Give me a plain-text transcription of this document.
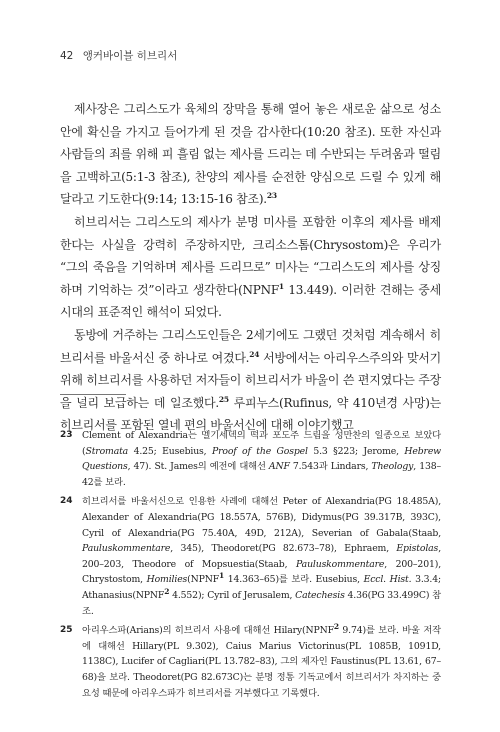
42 앵커바이블 히브리서

제사장은 그리스도가 육체의 장막을 통해 열어 놓은 새로운 삶으로 성소 안에 확신을 가지고 들어가게 된 것을 감사한다(10:20 참조). 또한 자신과 사람들의 죄를 위해 피 흘림 없는 제사를 드리는 데 수반되는 두려움과 떨림을 고백하고(5:1-3 참조), 찬양의 제사를 순전한 양심으로 드릴 수 있게 해달라고 기도한다(9:14; 13:15-16 참조).$^{23}$

히브리서는 그리스도의 제사가 분명 미사를 포함한 이후의 제사를 배제한다는 사실을 강력히 주장하지만, 크리소스톰(Chrysostom)은 우리가 “그의 죽음을 기억하며 제사를 드리므로” 미사는 “그리스도의 제사를 상징하며 기억하는 것”이라고 생각한다(NPNF$^1$ 13.449). 이러한 견해는 중세 시대의 표준적인 해석이 되었다.

동방에 거주하는 그리스도인들은 2세기에도 그랬던 것처럼 계속해서 히브리서를 바울서신 중 하나로 여겼다.$^{24}$ 서방에서는 아리우스주의와 맞서기 위해 히브리서를 사용하던 저자들이 히브리서가 바울이 쓴 편지였다는 주장을 널리 보급하는 데 일조했다.$^{25}$ 루피누스(Rufinus, 약 410년경 사망)는 히브리서를 포함된 열네 편의 바울서신에 대해 이야기했고

23	Clement of Alexandria는 멜기세덱의 떡과 포도주 드림을 성만찬의 일종으로 보았다(Stromata 4.25; Eusebius, Proof of the Gospel 5.3 §223; Jerome, Hebrew Questions, 47). St. James의 예전에 대해선 ANF 7.543과 Lindars, Theology, 138–42를 보라.
24	히브리서를 바울서신으로 인용한 사례에 대해선 Peter of Alexandria(PG 18.485A), Alexander of Alexandria(PG 18.557A, 576B), Didymus(PG 39.317B, 393C), Cyril of Alexandria(PG 75.40A, 49D, 212A), Severian of Gabala(Staab, Pauluskommentare, 345), Theodoret(PG 82.673–78), Ephraem, Epistolas, 200–203, Theodore of Mopsuestia(Staab, Pauluskommentare, 200–201), Chrystostom, Homilies(NPNF$^1$ 14.363–65)를 보라. Eusebius, Eccl. Hist. 3.3.4; Athanasius(NPNF$^2$ 4.552); Cyril of Jerusalem, Catechesis 4.36(PG 33.499C) 참조.
25	아리우스파(Arians)의 히브리서 사용에 대해선 Hilary(NPNF$^2$ 9.74)를 보라. 바울 저작에 대해선 Hillary(PL 9.302), Caius Marius Victorinus(PL 1085B, 1091D, 1138C), Lucifer of Cagliari(PL 13.782–83), 그의 제자인 Faustinus(PL 13.61, 67–68)을 보라. Theodoret(PG 82.673C)는 분명 정통 기독교에서 히브리서가 차지하는 중요성 때문에 아리우스파가 히브리서를 거부했다고 기록했다.
